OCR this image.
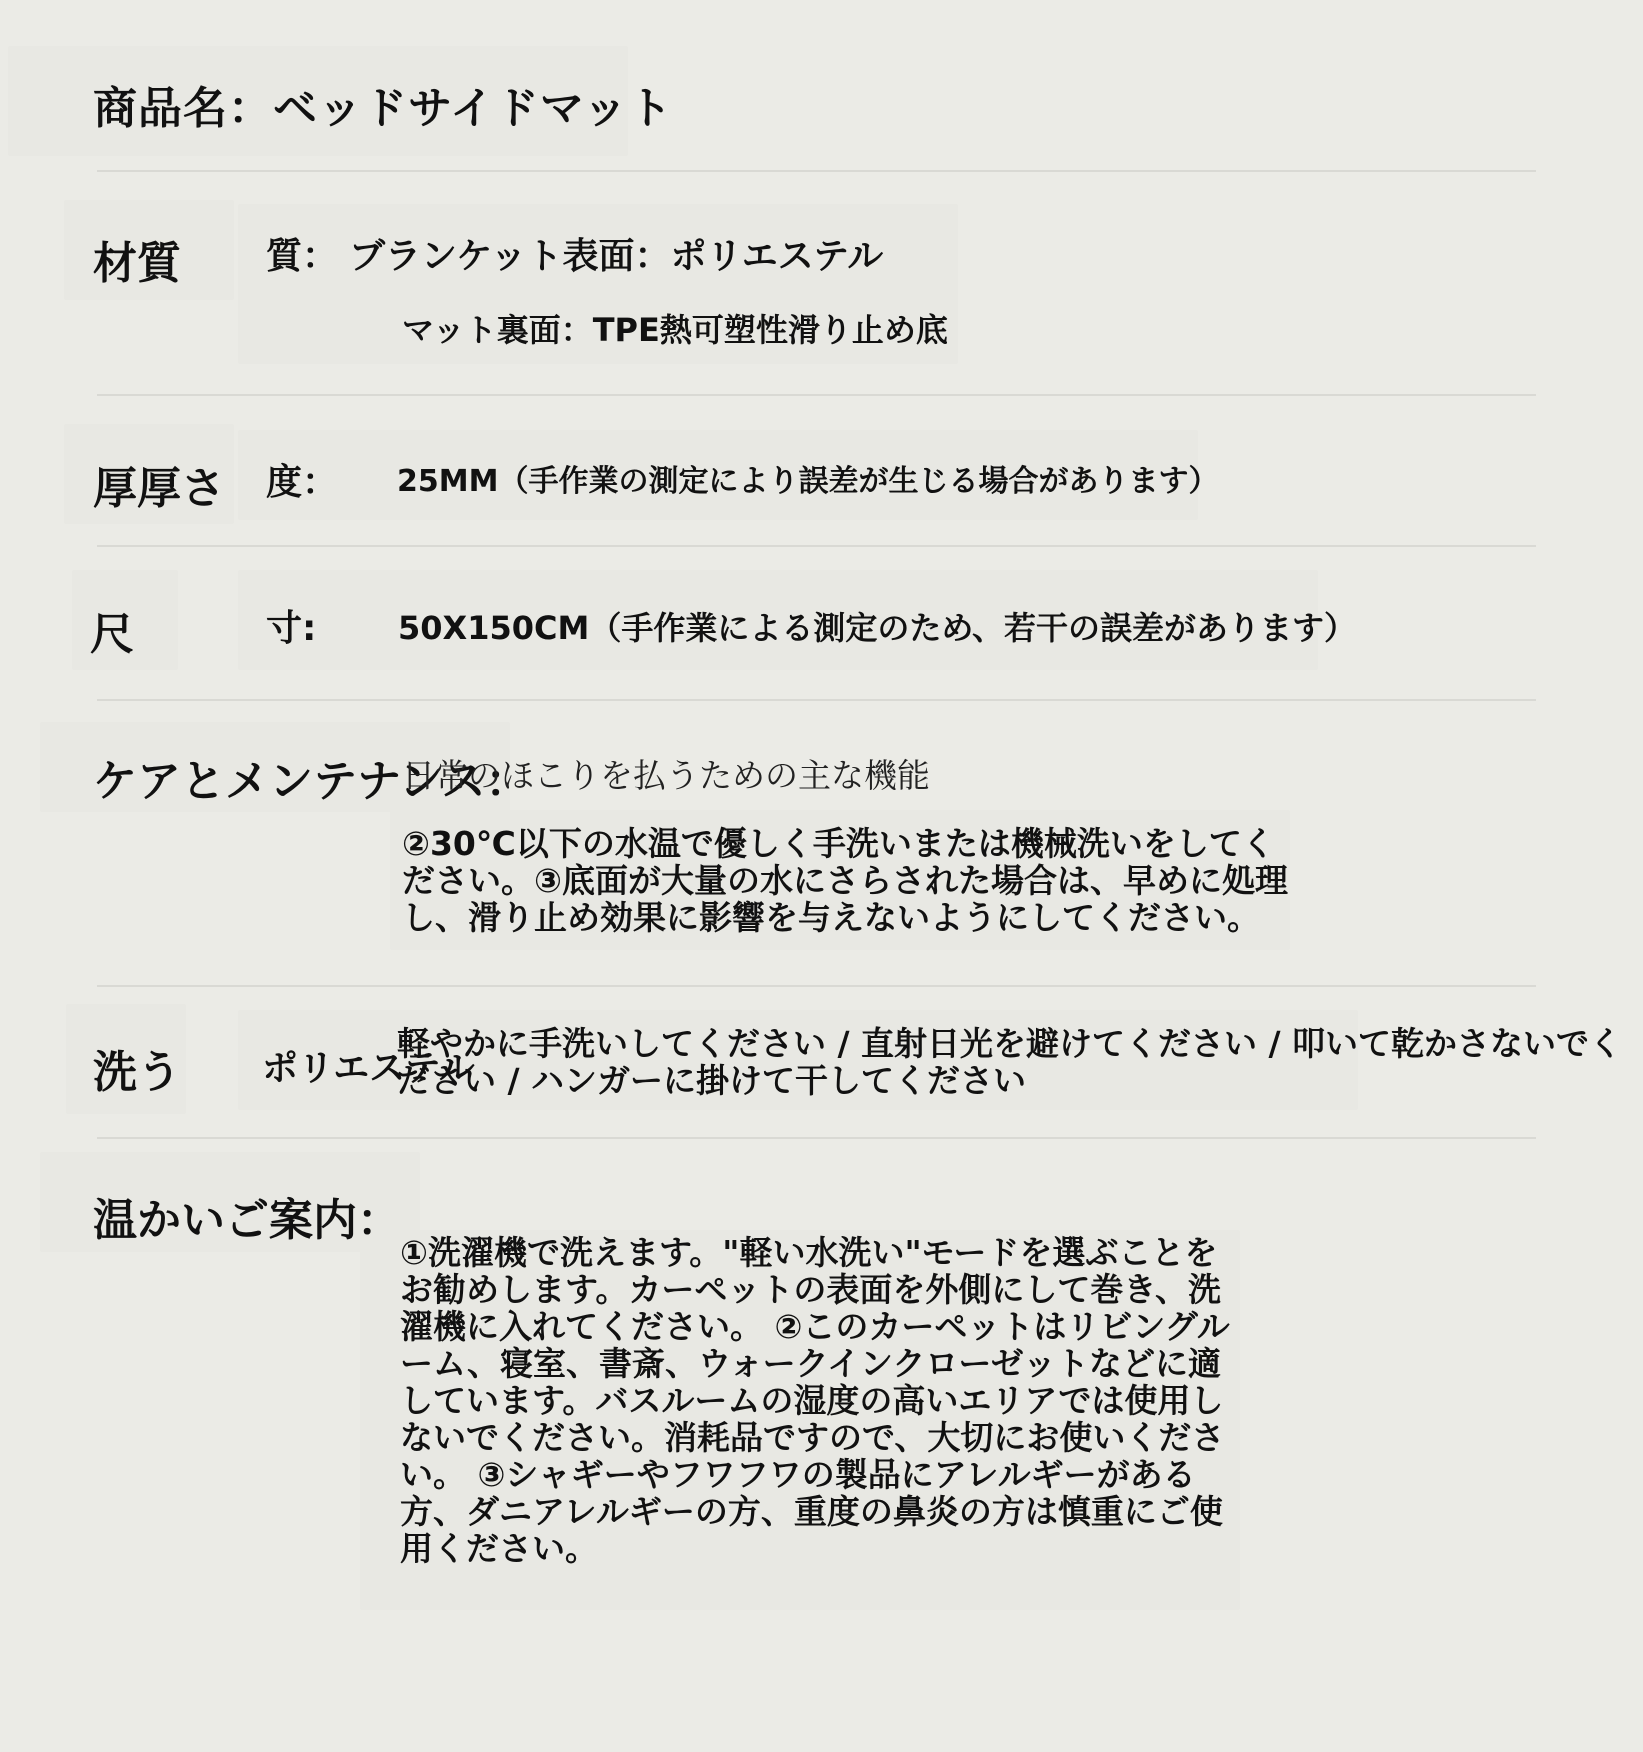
商品名：ベッドサイドマット
材質 質： ブランケット表面：ポリエステル
マット裏面：TPE熱可塑性滑り止め底
厚厚さ 度： 25MM（手作業の測定により誤差が生じる場合があります）
尺	寸:	50X150CM（手作業による測定のため、若干の誤差があります）
ケアとメンテナンス：
日常のほこりを払うための主な機能
②30℃以下の水温で優しく手洗いまたは機械洗いをしてください。③底面が大量の水にさらされた場合は、早めに処理し、滑り止め効果に影響を与えないようにしてください。
洗う ポリエステル
軽やかに手洗いしてください / 直射日光を避けてください / 叩いて乾かさないでください / ハンガーに掛けて干してください
温かいご案内：
①洗濯機で洗えます。"軽い水洗い"モードを選ぶことをお勧めします。カーペットの表面を外側にして巻き、洗濯機に入れてください。 ②このカーペットはリビングルーム、寝室、書斎、ウォークインクローゼットなどに適しています。バスルームの湿度の高いエリアでは使用しないでください。消耗品ですので、大切にお使いください。 ③シャギーやフワフワの製品にアレルギーがある方、ダニアレルギーの方、重度の鼻炎の方は慎重にご使用ください。
